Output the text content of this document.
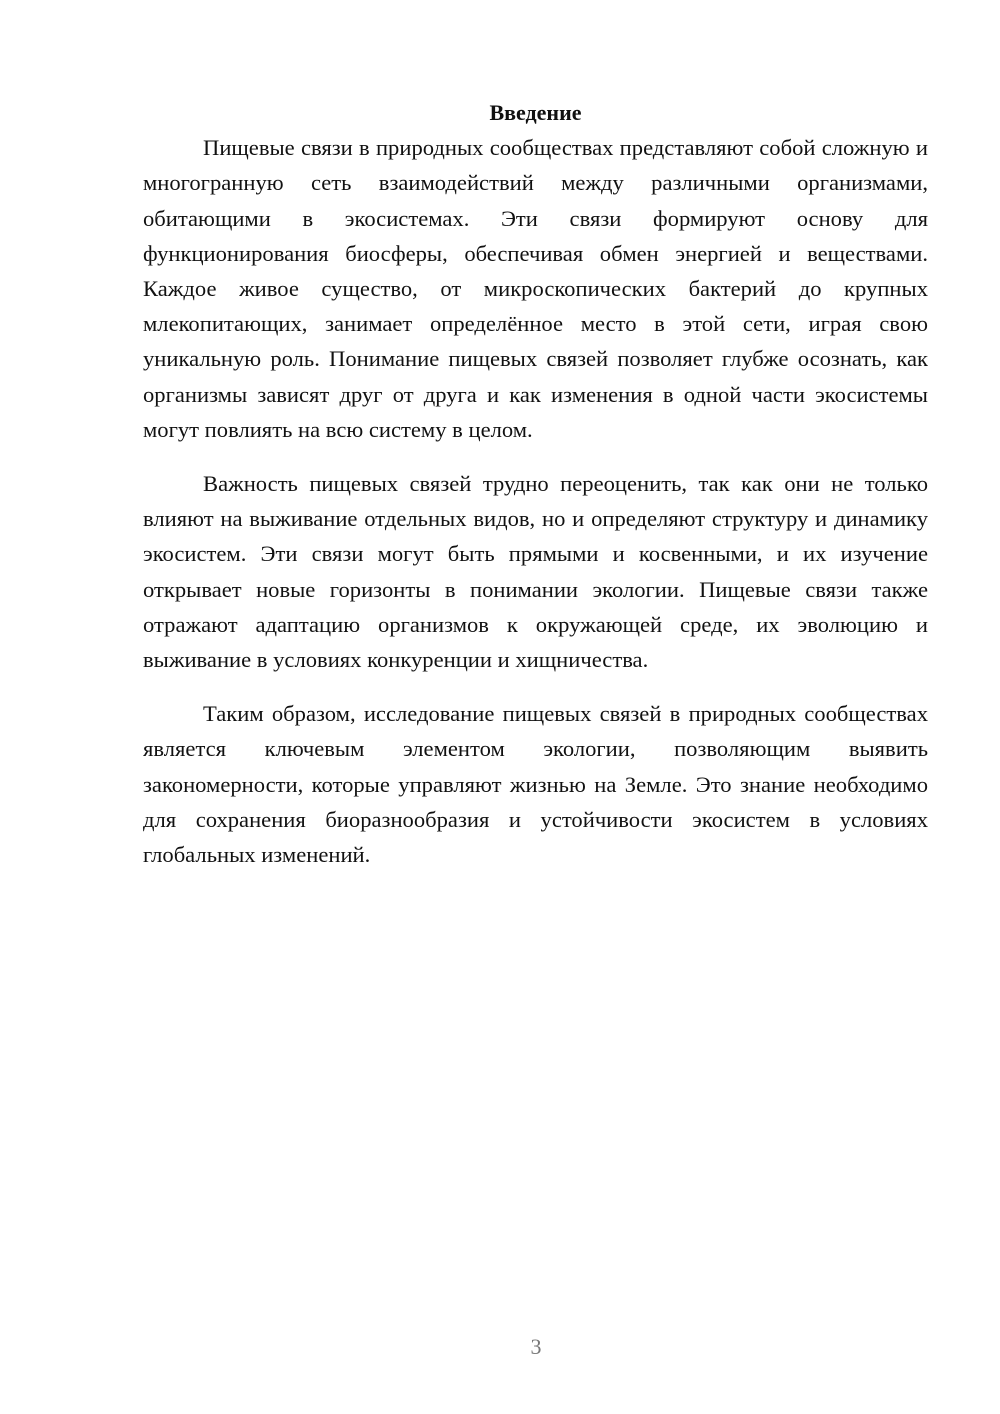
Введение

Пищевые связи в природных сообществах представляют собой сложную и многогранную сеть взаимодействий между различными организмами, обитающими в экосистемах. Эти связи формируют основу для функционирования биосферы, обеспечивая обмен энергией и веществами. Каждое живое существо, от микроскопических бактерий до крупных млекопитающих, занимает определённое место в этой сети, играя свою уникальную роль. Понимание пищевых связей позволяет глубже осознать, как организмы зависят друг от друга и как изменения в одной части экосистемы могут повлиять на всю систему в целом.

Важность пищевых связей трудно переоценить, так как они не только влияют на выживание отдельных видов, но и определяют структуру и динамику экосистем. Эти связи могут быть прямыми и косвенными, и их изучение открывает новые горизонты в понимании экологии. Пищевые связи также отражают адаптацию организмов к окружающей среде, их эволюцию и выживание в условиях конкуренции и хищничества.

Таким образом, исследование пищевых связей в природных сообществах является ключевым элементом экологии, позволяющим выявить закономерности, которые управляют жизнью на Земле. Это знание необходимо для сохранения биоразнообразия и устойчивости экосистем в условиях глобальных изменений.

3
